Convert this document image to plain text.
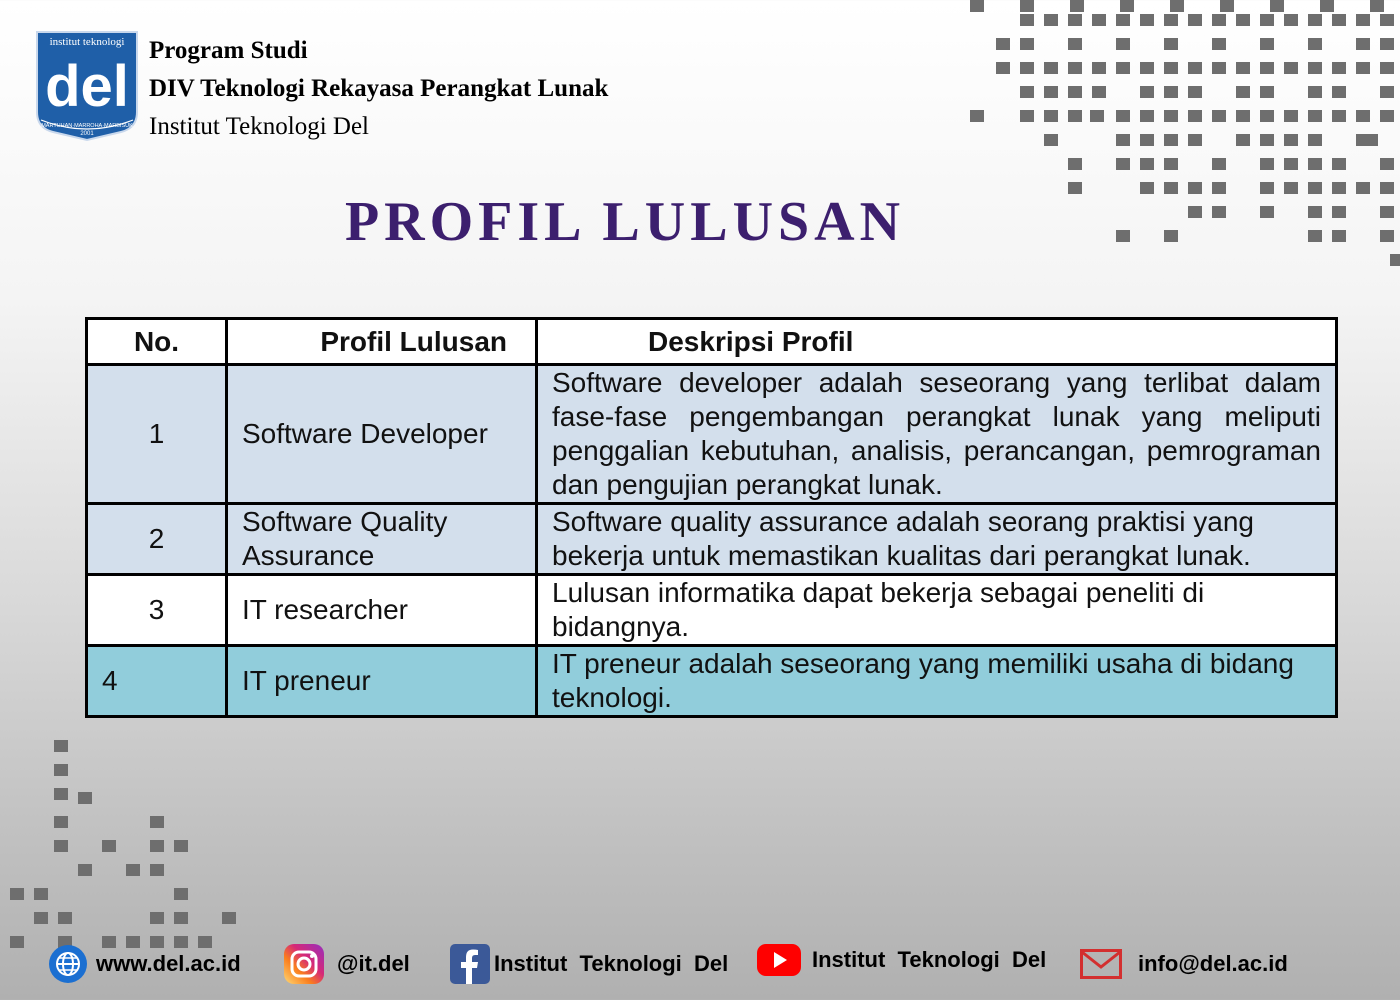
institut teknologi
del
MARTUHAN·MARROHA·MARBISUK
2001
Program Studi
DIV Teknologi Rekayasa Perangkat Lunak
Institut Teknologi Del
PROFIL LULUSAN
No.	Profil Lulusan	Deskripsi Profil
1	Software Developer	Software developer adalah seseorang yang terlibat dalam fase-fase pengembangan perangkat lunak yang meliputi penggalian kebutuhan, analisis, perancangan, pemrograman dan pengujian perangkat lunak.
2	Software Quality Assurance	Software quality assurance adalah seorang praktisi yang bekerja untuk memastikan kualitas dari perangkat lunak.
3	IT researcher	Lulusan informatika dapat bekerja sebagai peneliti di bidangnya.
4	IT preneur	IT preneur adalah seseorang yang memiliki usaha di bidang teknologi.
www.del.ac.id	@it.del	Institut  Teknologi  Del	Institut  Teknologi  Del	info@del.ac.id
